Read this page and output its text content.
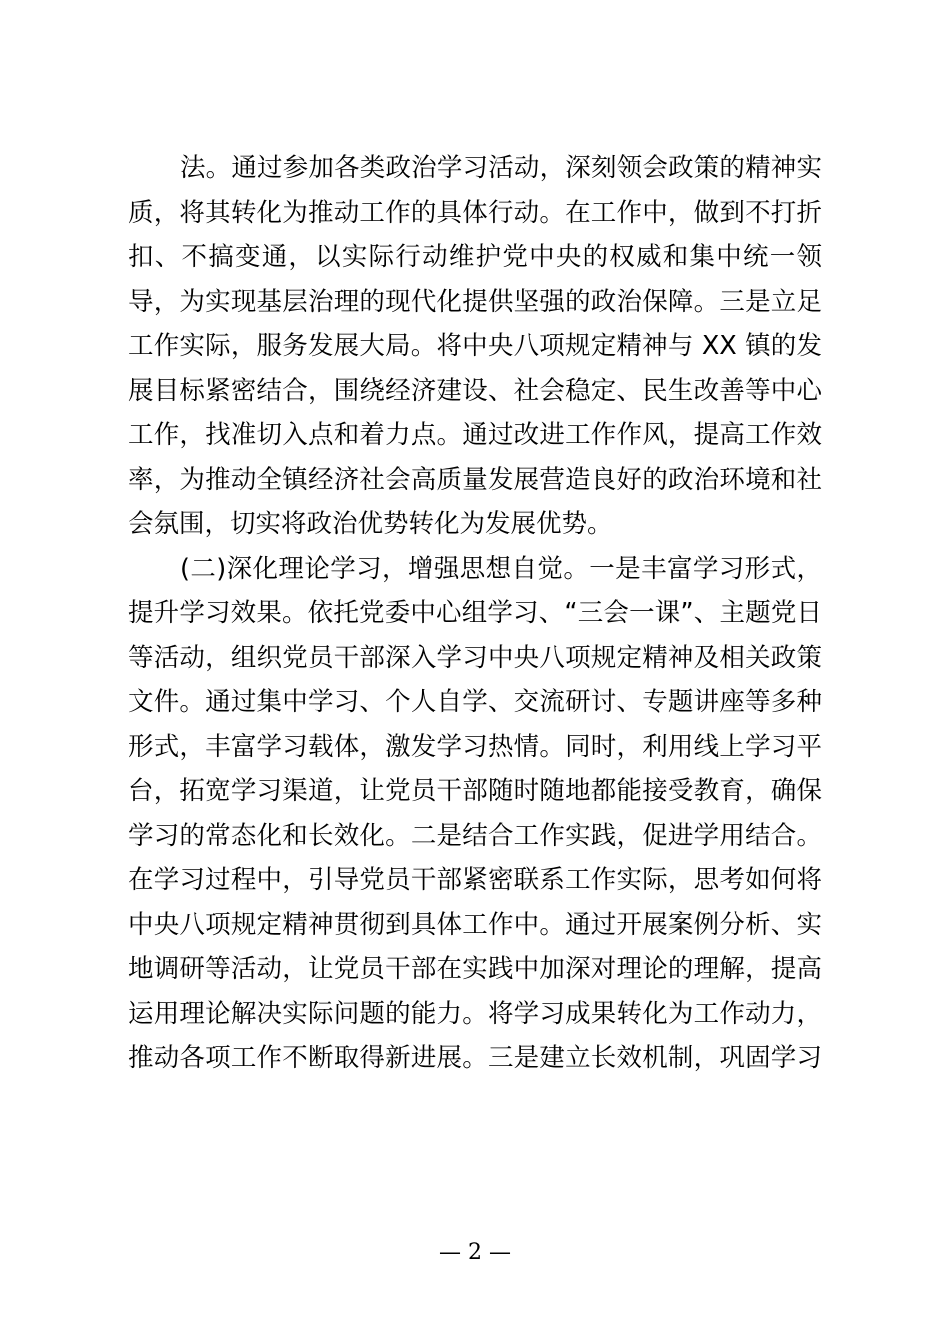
法。通过参加各类政治学习活动，深刻领会政策的精神实
质，将其转化为推动工作的具体行动。在工作中，做到不打折
扣、不搞变通，以实际行动维护党中央的权威和集中统一领
导，为实现基层治理的现代化提供坚强的政治保障。三是立足
工作实际，服务发展大局。将中央八项规定精神与 XX 镇的发
展目标紧密结合，围绕经济建设、社会稳定、民生改善等中心
工作，找准切入点和着力点。通过改进工作作风，提高工作效
率，为推动全镇经济社会高质量发展营造良好的政治环境和社
会氛围，切实将政治优势转化为发展优势。
(二)深化理论学习，增强思想自觉。一是丰富学习形式，
提升学习效果。依托党委中心组学习、“三会一课”、主题党日
等活动，组织党员干部深入学习中央八项规定精神及相关政策
文件。通过集中学习、个人自学、交流研讨、专题讲座等多种
形式，丰富学习载体，激发学习热情。同时，利用线上学习平
台，拓宽学习渠道，让党员干部随时随地都能接受教育，确保
学习的常态化和长效化。二是结合工作实践，促进学用结合。
在学习过程中，引导党员干部紧密联系工作实际，思考如何将
中央八项规定精神贯彻到具体工作中。通过开展案例分析、实
地调研等活动，让党员干部在实践中加深对理论的理解，提高
运用理论解决实际问题的能力。将学习成果转化为工作动力，
推动各项工作不断取得新进展。三是建立长效机制，巩固学习
— 2 —
